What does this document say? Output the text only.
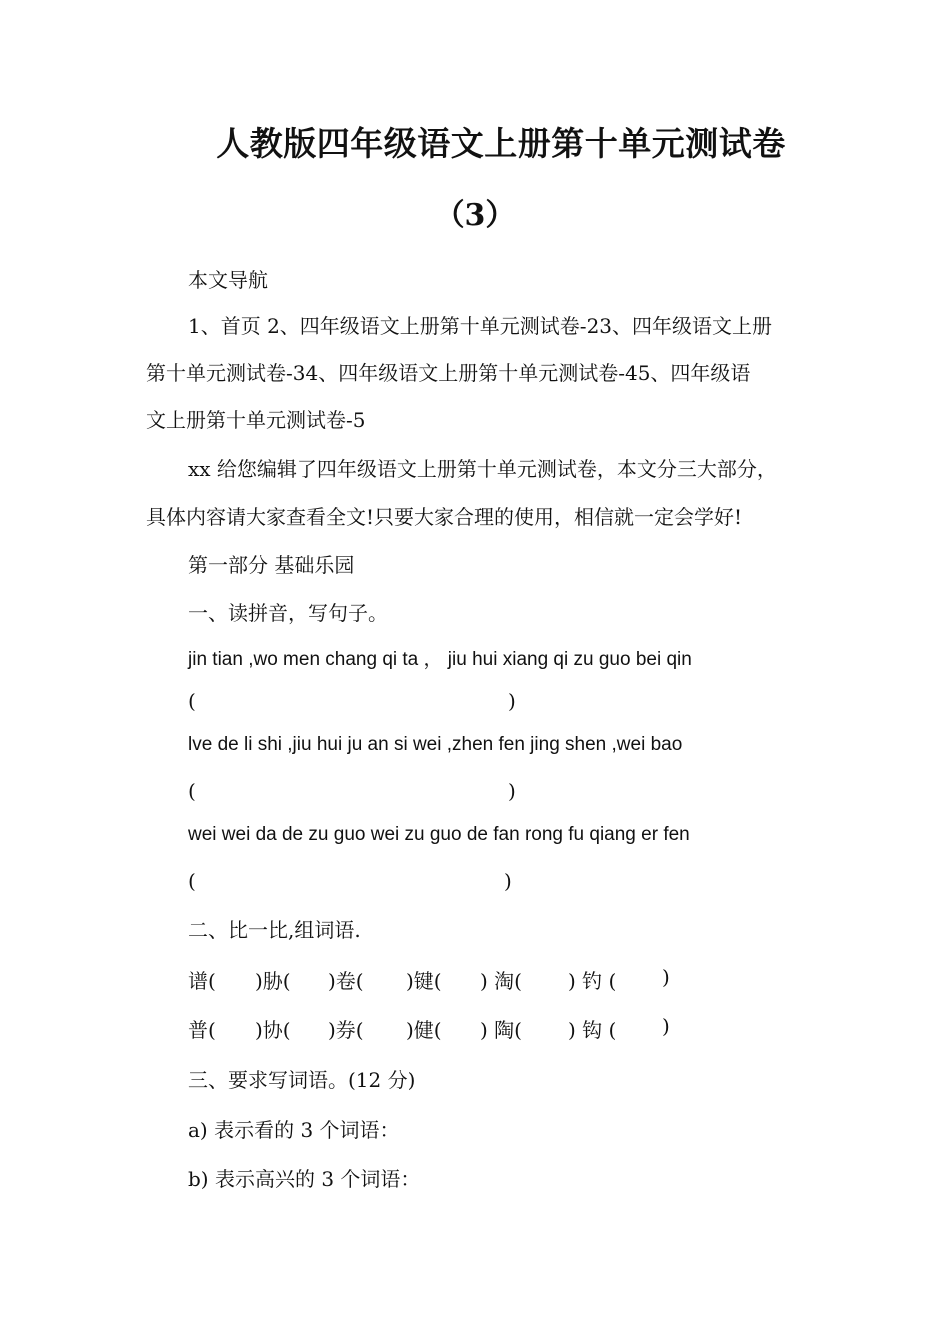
人教版四年级语文上册第十单元测试卷
（3）
本文导航
1、首页 2、四年级语文上册第十单元测试卷-23、四年级语文上册
第十单元测试卷-34、四年级语文上册第十单元测试卷-45、四年级语
文上册第十单元测试卷-5
xx 给您编辑了四年级语文上册第十单元测试卷，本文分三大部分，
具体内容请大家查看全文!只要大家合理的使用，相信就一定会学好!
第一部分 基础乐园
一、读拼音，写句子。
jin tian ,wo men chang qi ta ， jiu hui xiang qi zu guo bei qin
(	)
lve de li shi ,jiu hui ju an si wei ,zhen fen jing shen ,wei bao
(	)
wei wei da de zu guo wei zu guo de fan rong fu qiang er fen
(	)
二、比一比,组词语.
谱( )胁( )卷( )键( ) 淘( ) 钓 ( )
普( )协( )券( )健( ) 陶( ) 钩 ( )
三、要求写词语。(12 分)
a) 表示看的 3 个词语：
b) 表示高兴的 3 个词语：
